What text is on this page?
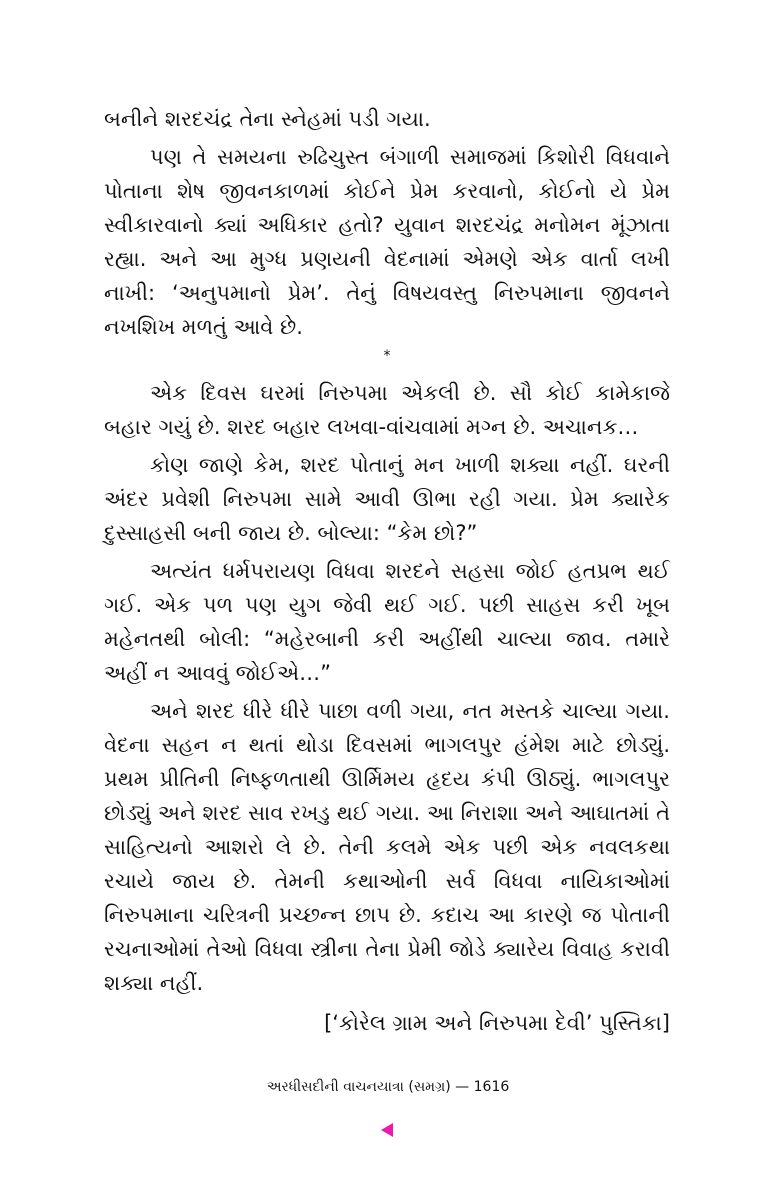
બનીને શરદચંદ્ર તેના સ્નેહમાં પડી ગયા.

પણ તે સમયના રુઢિચુસ્ત બંગાળી સમાજમાં કિશોરી વિધવાને પોતાના શેષ જીવનકાળમાં કોઈને પ્રેમ કરવાનો, કોઈનો યે પ્રેમ સ્વીકારવાનો ક્યાં અધિકાર હતો? યુવાન શરદચંદ્ર મનોમન મૂંઝાતા રહ્યા. અને આ મુગ્ધ પ્રણયની વેદનામાં એમણે એક વાર્તા લખી નાખી: ‘અનુપમાનો પ્રેમ’. તેનું વિષયવસ્તુ નિરુપમાના જીવનને નખશિખ મળતું આવે છે.

*

એક દિવસ ઘરમાં નિરુપમા એકલી છે. સૌ કોઈ કામેકાજે બહાર ગયું છે. શરદ બહાર લખવા-વાંચવામાં મગ્ન છે. અચાનક…

કોણ જાણે કેમ, શરદ પોતાનું મન ખાળી શક્યા નહીં. ઘરની અંદર પ્રવેશી નિરુપમા સામે આવી ઊભા રહી ગયા. પ્રેમ ક્યારેક દુસ્સાહસી બની જાય છે. બોલ્યા: “કેમ છો?”

અત્યંત ધર્મપરાયણ વિધવા શરદને સહસા જોઈ હતપ્રભ થઈ ગઈ. એક પળ પણ યુગ જેવી થઈ ગઈ. પછી સાહસ કરી ખૂબ મહેનતથી બોલી: “મહેરબાની કરી અહીંથી ચાલ્યા જાવ. તમારે અહીં ન આવવું જોઈએ…”

અને શરદ ધીરે ધીરે પાછા વળી ગયા, નત મસ્તકે ચાલ્યા ગયા. વેદના સહન ન થતાં થોડા દિવસમાં ભાગલપુર હંમેશ માટે છોડ્યું. પ્રથમ પ્રીતિની નિષ્ફળતાથી ઊર્મિમય હૃદય કંપી ઊઠ્યું. ભાગલપુર છોડ્યું અને શરદ સાવ રખડુ થઈ ગયા. આ નિરાશા અને આઘાતમાં તે સાહિત્યનો આશરો લે છે. તેની કલમે એક પછી એક નવલકથા રચાયે જાય છે. તેમની કથાઓની સર્વ વિધવા નાયિકાઓમાં નિરુપમાના ચરિત્રની પ્રચ્છન્ન છાપ છે. કદાચ આ કારણે જ પોતાની રચનાઓમાં તેઓ વિધવા સ્ત્રીના તેના પ્રેમી જોડે ક્યારેય વિવાહ કરાવી શક્યા નહીં.

[‘કોરેલ ગ્રામ અને નિરુપમા દેવી’ પુસ્તિકા]
અરધીસદીની વાચનયાત્રા (સમગ્ર) — 1616
